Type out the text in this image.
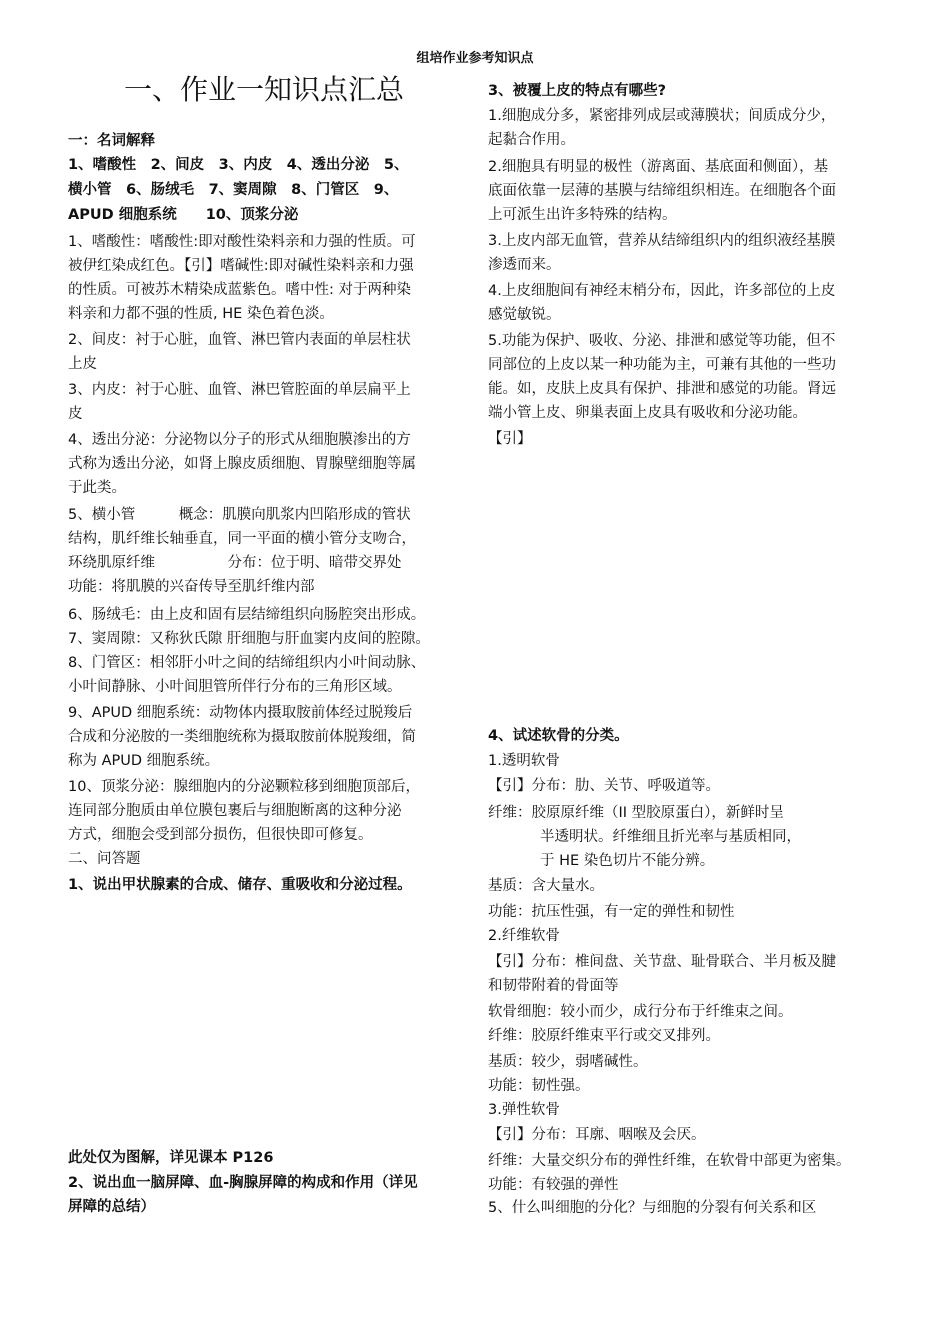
组培作业参考知识点
一、作业一知识点汇总
一：名词解释
1、嗜酸性　2、间皮　3、内皮　4、透出分泌　5、
横小管　6、肠绒毛　7、窦周隙　8、门管区　9、
APUD 细胞系统　　10、顶浆分泌
1、嗜酸性：嗜酸性:即对酸性染料亲和力强的性质。可
被伊红染成红色。【引】嗜碱性:即对碱性染料亲和力强
的性质。可被苏木精染成蓝紫色。嗜中性: 对于两种染
料亲和力都不强的性质, HE 染色着色淡。
2、间皮：衬于心脏，血管、淋巴管内表面的单层柱状
上皮
3、内皮：衬于心脏、血管、淋巴管腔面的单层扁平上
皮
4、透出分泌：分泌物以分子的形式从细胞膜渗出的方
式称为透出分泌，如肾上腺皮质细胞、胃腺壁细胞等属
于此类。
5、横小管　　　概念：肌膜向肌浆内凹陷形成的管状
结构，肌纤维长轴垂直，同一平面的横小管分支吻合，
环绕肌原纤维　　　　　分布：位于明、暗带交界处
功能：将肌膜的兴奋传导至肌纤维内部
6、肠绒毛：由上皮和固有层结缔组织向肠腔突出形成。
7、窦周隙：又称狄氏隙 肝细胞与肝血窦内皮间的腔隙。
8、门管区：相邻肝小叶之间的结缔组织内小叶间动脉、
小叶间静脉、小叶间胆管所伴行分布的三角形区域。
9、APUD 细胞系统：动物体内摄取胺前体经过脱羧后
合成和分泌胺的一类细胞统称为摄取胺前体脱羧细，简
称为 APUD 细胞系统。
10、顶浆分泌：腺细胞内的分泌颗粒移到细胞顶部后，
连同部分胞质由单位膜包裹后与细胞断离的这种分泌
方式，细胞会受到部分损伤，但很快即可修复。
二、问答题
1、说出甲状腺素的合成、储存、重吸收和分泌过程。
此处仅为图解，详见课本 P126
2、说出血一脑屏障、血-胸腺屏障的构成和作用（详见
屏障的总结）
3、被覆上皮的特点有哪些?
1.细胞成分多，紧密排列成层或薄膜状；间质成分少，
起黏合作用。
2.细胞具有明显的极性（游离面、基底面和侧面），基
底面依靠一层薄的基膜与结缔组织相连。在细胞各个面
上可派生出许多特殊的结构。
3.上皮内部无血管，营养从结缔组织内的组织液经基膜
渗透而来。
4.上皮细胞间有神经末梢分布，因此，许多部位的上皮
感觉敏锐。
5.功能为保护、吸收、分泌、排泄和感觉等功能，但不
同部位的上皮以某一种功能为主，可兼有其他的一些功
能。如，皮肤上皮具有保护、排泄和感觉的功能。肾远
端小管上皮、卵巢表面上皮具有吸收和分泌功能。
【引】
4、试述软骨的分类。
1.透明软骨
【引】分布：肋、关节、呼吸道等。
纤维：胶原原纤维（II 型胶原蛋白），新鲜时呈
半透明状。纤维细且折光率与基质相同，
于 HE 染色切片不能分辨。
基质：含大量水。
功能：抗压性强，有一定的弹性和韧性
2.纤维软骨
【引】分布：椎间盘、关节盘、耻骨联合、半月板及腱
和韧带附着的骨面等
软骨细胞：较小而少，成行分布于纤维束之间。
纤维：胶原纤维束平行或交叉排列。
基质：较少，弱嗜碱性。
功能：韧性强。
3.弹性软骨
【引】分布：耳廓、咽喉及会厌。
纤维：大量交织分布的弹性纤维，在软骨中部更为密集。
功能：有较强的弹性
5、什么叫细胞的分化？与细胞的分裂有何关系和区
